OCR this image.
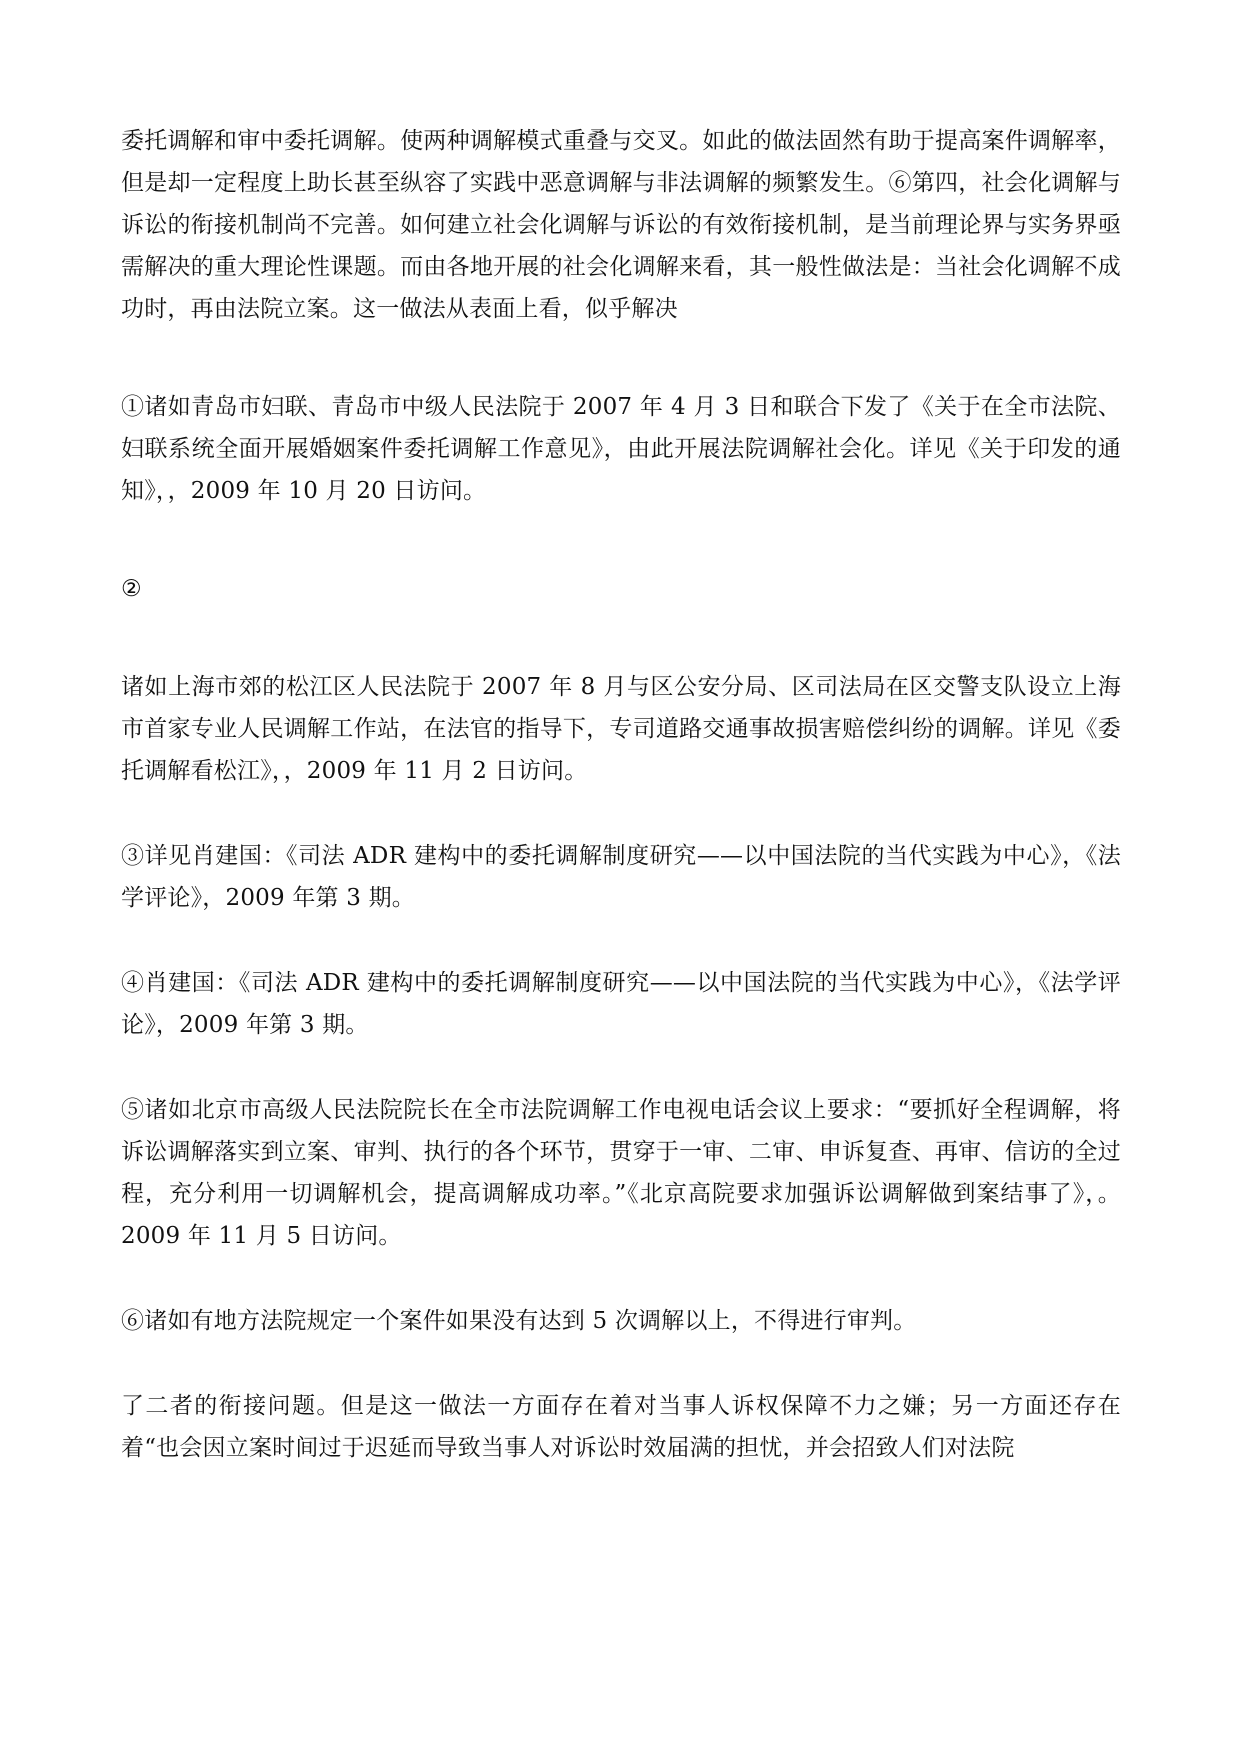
委托调解和审中委托调解。使两种调解模式重叠与交叉。如此的做法固然有助于提高案件调解率，但是却一定程度上助长甚至纵容了实践中恶意调解与非法调解的频繁发生。⑥第四，社会化调解与诉讼的衔接机制尚不完善。如何建立社会化调解与诉讼的有效衔接机制，是当前理论界与实务界亟需解决的重大理论性课题。而由各地开展的社会化调解来看，其一般性做法是：当社会化调解不成功时，再由法院立案。这一做法从表面上看，似乎解决

①诸如青岛市妇联、青岛市中级人民法院于 2007 年 4 月 3 日和联合下发了《关于在全市法院、妇联系统全面开展婚姻案件委托调解工作意见》，由此开展法院调解社会化。详见《关于印发的通知》，，2009 年 10 月 20 日访问。

②

诸如上海市郊的松江区人民法院于 2007 年 8 月与区公安分局、区司法局在区交警支队设立上海市首家专业人民调解工作站，在法官的指导下，专司道路交通事故损害赔偿纠纷的调解。详见《委托调解看松江》，，2009 年 11 月 2 日访问。

③详见肖建国：《司法 ADR 建构中的委托调解制度研究——以中国法院的当代实践为中心》，《法学评论》，2009 年第 3 期。

④肖建国：《司法 ADR 建构中的委托调解制度研究——以中国法院的当代实践为中心》，《法学评论》，2009 年第 3 期。

⑤诸如北京市高级人民法院院长在全市法院调解工作电视电话会议上要求：“要抓好全程调解，将诉讼调解落实到立案、审判、执行的各个环节，贯穿于一审、二审、申诉复查、再审、信访的全过程，充分利用一切调解机会，提高调解成功率。”《北京高院要求加强诉讼调解做到案结事了》，。2009 年 11 月 5 日访问。

⑥诸如有地方法院规定一个案件如果没有达到 5 次调解以上，不得进行审判。

了二者的衔接问题。但是这一做法一方面存在着对当事人诉权保障不力之嫌；另一方面还存在着“也会因立案时间过于迟延而导致当事人对诉讼时效届满的担忧，并会招致人们对法院
